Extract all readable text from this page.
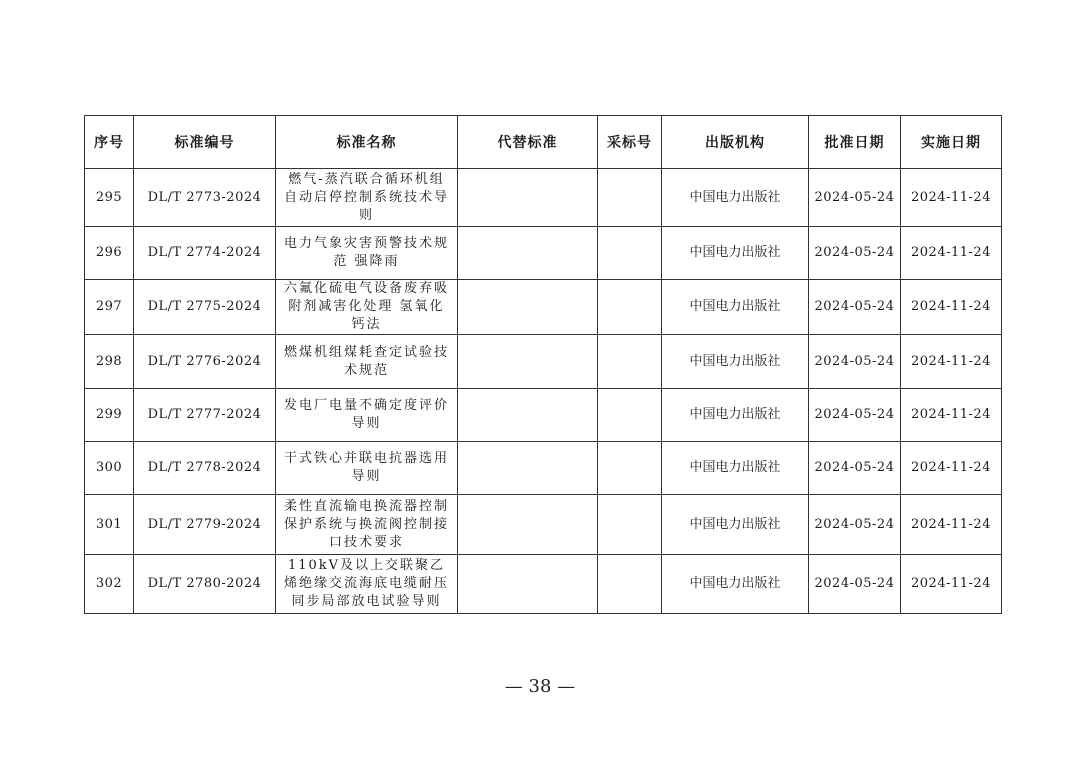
序号	标准编号	标准名称	代替标准	采标号	出版机构	批准日期	实施日期
295	DL/T 2773-2024	燃气-蒸汽联合循环机组自动启停控制系统技术导则			中国电力出版社	2024-05-24	2024-11-24
296	DL/T 2774-2024	电力气象灾害预警技术规范 强降雨			中国电力出版社	2024-05-24	2024-11-24
297	DL/T 2775-2024	六氟化硫电气设备废弃吸附剂减害化处理 氢氧化钙法			中国电力出版社	2024-05-24	2024-11-24
298	DL/T 2776-2024	燃煤机组煤耗查定试验技术规范			中国电力出版社	2024-05-24	2024-11-24
299	DL/T 2777-2024	发电厂电量不确定度评价导则			中国电力出版社	2024-05-24	2024-11-24
300	DL/T 2778-2024	干式铁心并联电抗器选用导则			中国电力出版社	2024-05-24	2024-11-24
301	DL/T 2779-2024	柔性直流输电换流器控制保护系统与换流阀控制接口技术要求			中国电力出版社	2024-05-24	2024-11-24
302	DL/T 2780-2024	110kV及以上交联聚乙烯绝缘交流海底电缆耐压同步局部放电试验导则			中国电力出版社	2024-05-24	2024-11-24
— 38 —
